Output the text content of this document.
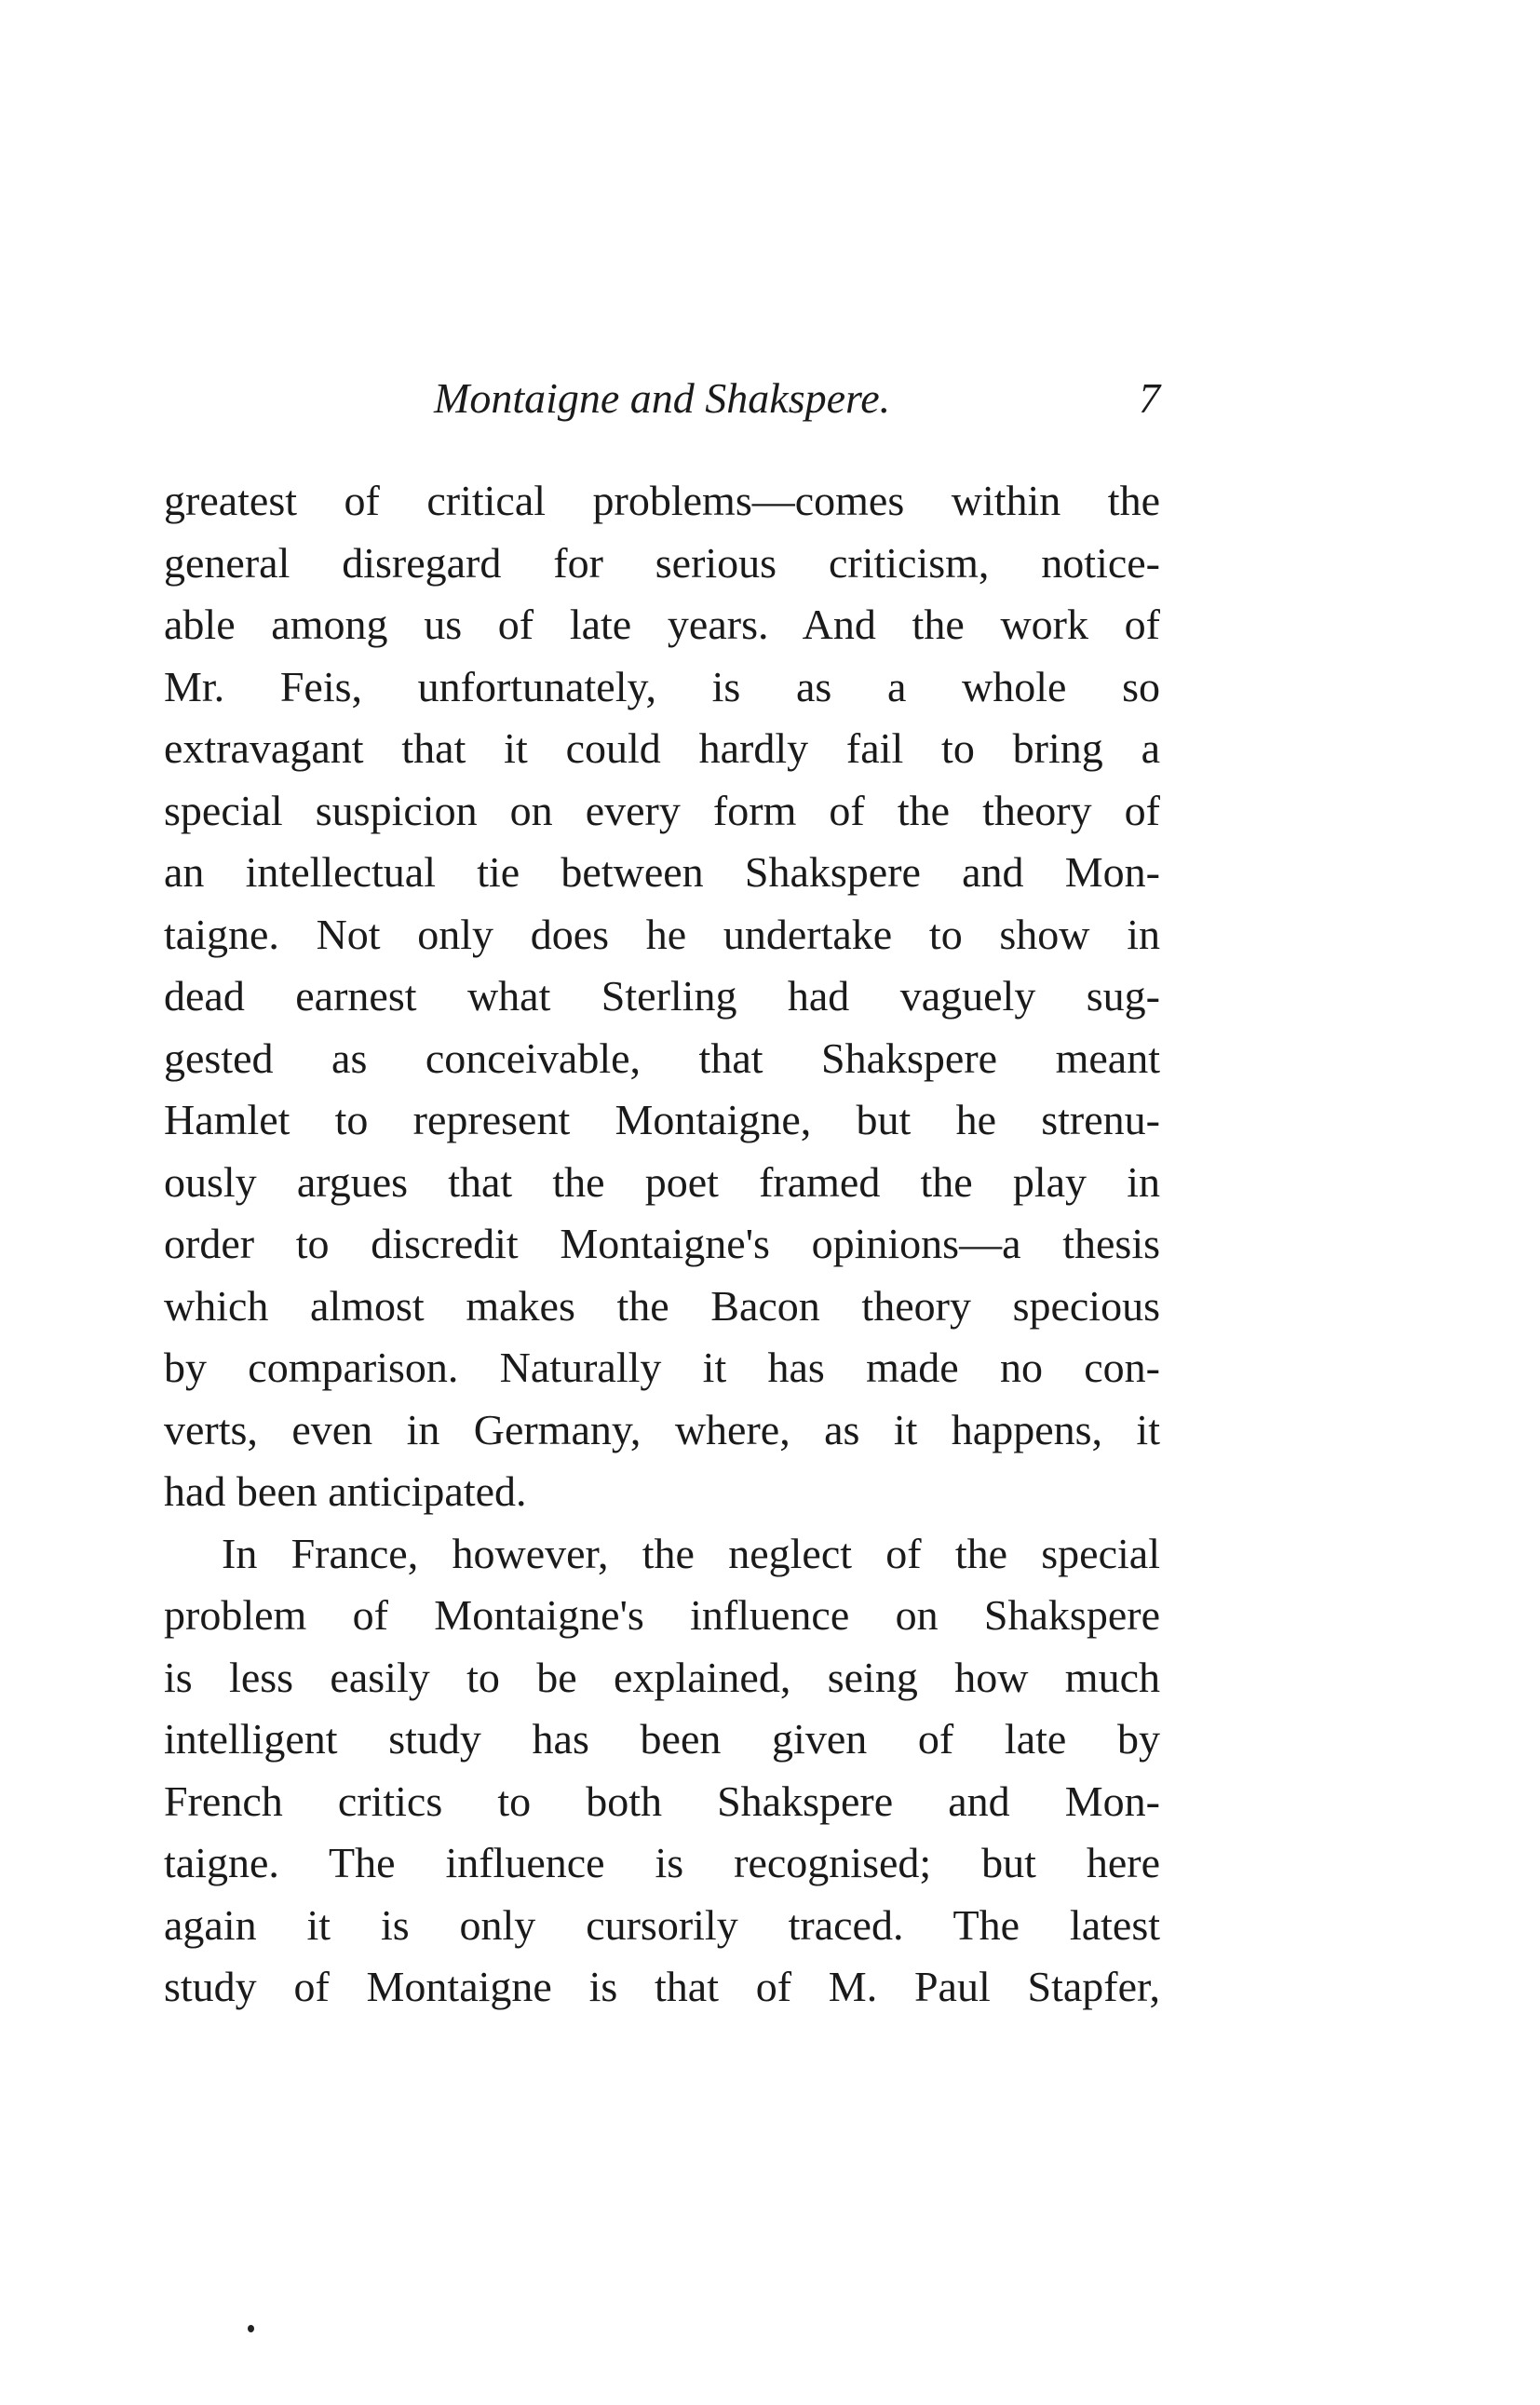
Montaigne and Shakspere.	7
greatest of critical problems—comes within the
general disregard for serious criticism, notice-
able among us of late years. And the work of
Mr. Feis, unfortunately, is as a whole so
extravagant that it could hardly fail to bring a
special suspicion on every form of the theory of
an intellectual tie between Shakspere and Mon-
taigne. Not only does he undertake to show in
dead earnest what Sterling had vaguely sug-
gested as conceivable, that Shakspere meant
Hamlet to represent Montaigne, but he strenu-
ously argues that the poet framed the play in
order to discredit Montaigne's opinions—a thesis
which almost makes the Bacon theory specious
by comparison. Naturally it has made no con-
verts, even in Germany, where, as it happens, it
had been anticipated.
In France, however, the neglect of the special
problem of Montaigne's influence on Shakspere
is less easily to be explained, seing how much
intelligent study has been given of late by
French critics to both Shakspere and Mon-
taigne. The influence is recognised; but here
again it is only cursorily traced. The latest
study of Montaigne is that of M. Paul Stapfer,
